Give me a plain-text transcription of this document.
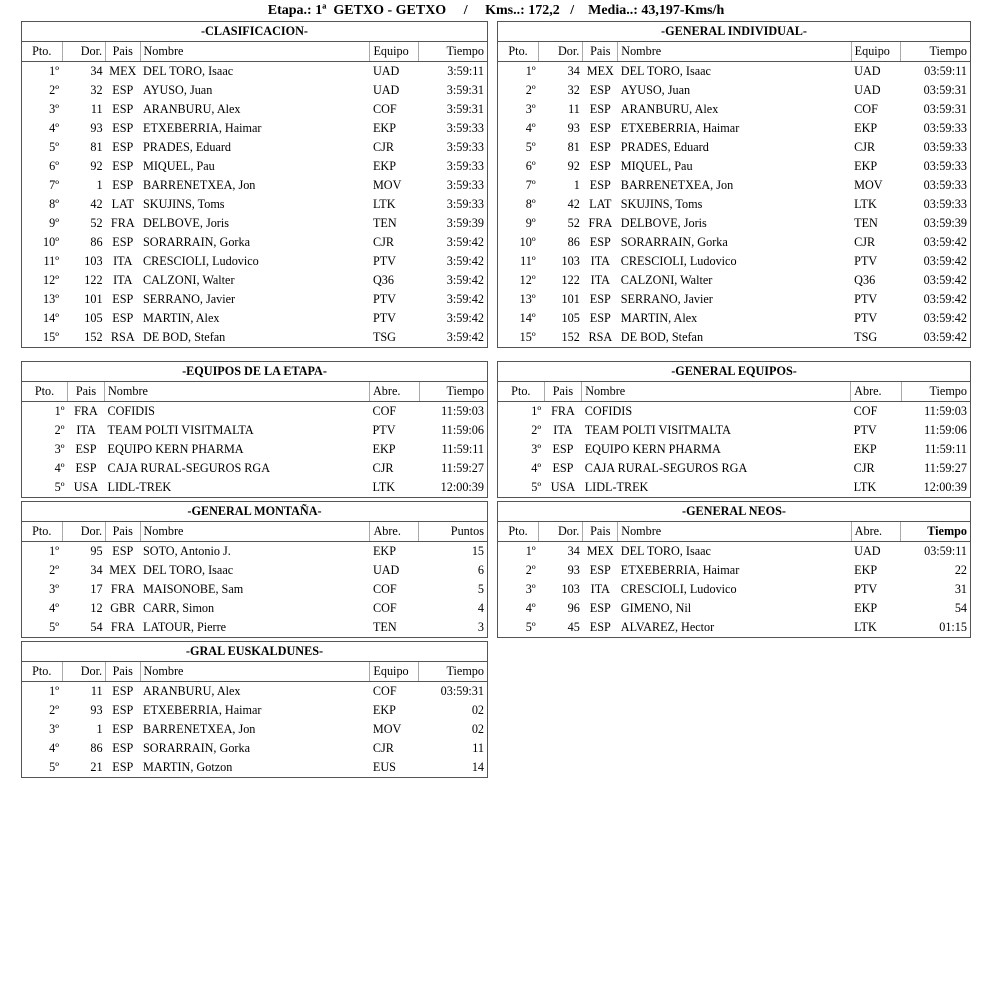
Etapa.: 1ª  GETXO - GETXO     /     Kms..: 172,2   /    Media..: 43,197-Kms/h
-CLASIFICACION-					
Pto.	Dor.	Pais	Nombre	Equipo	Tiempo
1º	34	MEX	DEL TORO, Isaac	UAD	3:59:11
2º	32	ESP	AYUSO, Juan	UAD	3:59:31
3º	11	ESP	ARANBURU, Alex	COF	3:59:31
4º	93	ESP	ETXEBERRIA, Haimar	EKP	3:59:33
5º	81	ESP	PRADES, Eduard	CJR	3:59:33
6º	92	ESP	MIQUEL, Pau	EKP	3:59:33
7º	1	ESP	BARRENETXEA, Jon	MOV	3:59:33
8º	42	LAT	SKUJINS, Toms	LTK	3:59:33
9º	52	FRA	DELBOVE, Joris	TEN	3:59:39
10º	86	ESP	SORARRAIN, Gorka	CJR	3:59:42
11º	103	ITA	CRESCIOLI, Ludovico	PTV	3:59:42
12º	122	ITA	CALZONI, Walter	Q36	3:59:42
13º	101	ESP	SERRANO, Javier	PTV	3:59:42
14º	105	ESP	MARTIN, Alex	PTV	3:59:42
15º	152	RSA	DE BOD, Stefan	TSG	3:59:42
-GENERAL INDIVIDUAL-					
Pto.	Dor.	Pais	Nombre	Equipo	Tiempo
1º	34	MEX	DEL TORO, Isaac	UAD	03:59:11
2º	32	ESP	AYUSO, Juan	UAD	03:59:31
3º	11	ESP	ARANBURU, Alex	COF	03:59:31
4º	93	ESP	ETXEBERRIA, Haimar	EKP	03:59:33
5º	81	ESP	PRADES, Eduard	CJR	03:59:33
6º	92	ESP	MIQUEL, Pau	EKP	03:59:33
7º	1	ESP	BARRENETXEA, Jon	MOV	03:59:33
8º	42	LAT	SKUJINS, Toms	LTK	03:59:33
9º	52	FRA	DELBOVE, Joris	TEN	03:59:39
10º	86	ESP	SORARRAIN, Gorka	CJR	03:59:42
11º	103	ITA	CRESCIOLI, Ludovico	PTV	03:59:42
12º	122	ITA	CALZONI, Walter	Q36	03:59:42
13º	101	ESP	SERRANO, Javier	PTV	03:59:42
14º	105	ESP	MARTIN, Alex	PTV	03:59:42
15º	152	RSA	DE BOD, Stefan	TSG	03:59:42
-EQUIPOS DE LA ETAPA-				
Pto.	Pais	Nombre	Abre.	Tiempo
1º	FRA	COFIDIS	COF	11:59:03
2º	ITA	TEAM POLTI VISITMALTA	PTV	11:59:06
3º	ESP	EQUIPO KERN PHARMA	EKP	11:59:11
4º	ESP	CAJA RURAL-SEGUROS RGA	CJR	11:59:27
5º	USA	LIDL-TREK	LTK	12:00:39
-GENERAL EQUIPOS-				
Pto.	Pais	Nombre	Abre.	Tiempo
1º	FRA	COFIDIS	COF	11:59:03
2º	ITA	TEAM POLTI VISITMALTA	PTV	11:59:06
3º	ESP	EQUIPO KERN PHARMA	EKP	11:59:11
4º	ESP	CAJA RURAL-SEGUROS RGA	CJR	11:59:27
5º	USA	LIDL-TREK	LTK	12:00:39
-GENERAL MONTAÑA-					
Pto.	Dor.	Pais	Nombre	Abre.	Puntos
1º	95	ESP	SOTO, Antonio J.	EKP	15
2º	34	MEX	DEL TORO, Isaac	UAD	6
3º	17	FRA	MAISONOBE, Sam	COF	5
4º	12	GBR	CARR, Simon	COF	4
5º	54	FRA	LATOUR, Pierre	TEN	3
-GENERAL NEOS-					
Pto.	Dor.	Pais	Nombre	Abre.	Tiempo
1º	34	MEX	DEL TORO, Isaac	UAD	03:59:11
2º	93	ESP	ETXEBERRIA, Haimar	EKP	22
3º	103	ITA	CRESCIOLI, Ludovico	PTV	31
4º	96	ESP	GIMENO, Nil	EKP	54
5º	45	ESP	ALVAREZ, Hector	LTK	01:15
-GRAL EUSKALDUNES-					
Pto.	Dor.	Pais	Nombre	Equipo	Tiempo
1º	11	ESP	ARANBURU, Alex	COF	03:59:31
2º	93	ESP	ETXEBERRIA, Haimar	EKP	02
3º	1	ESP	BARRENETXEA, Jon	MOV	02
4º	86	ESP	SORARRAIN, Gorka	CJR	11
5º	21	ESP	MARTIN, Gotzon	EUS	14
